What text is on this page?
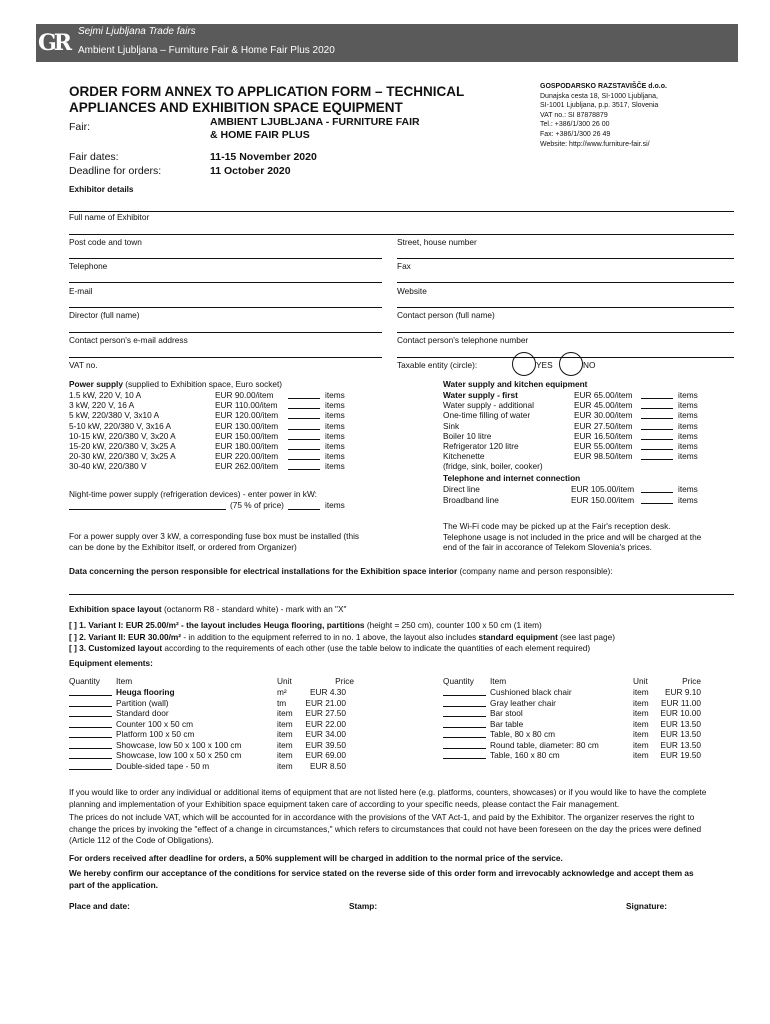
GR Sejmi Ljubljana Trade fairs
Ambient Ljubljana – Furniture Fair & Home Fair Plus 2020
ORDER FORM ANNEX TO APPLICATION FORM – TECHNICAL APPLIANCES AND EXHIBITION SPACE EQUIPMENT
GOSPODARSKO RAZSTAVIŠČE d.o.o.
Dunajska cesta 18, SI-1000 Ljubljana,
SI-1001 Ljubljana, p.p. 3517, Slovenia
VAT no.: SI 87878879
Tel.: +386/1/300 26 00
Fax: +386/1/300 26 49
Website: http://www.furniture-fair.si/
Fair:	AMBIENT LJUBLJANA - FURNITURE FAIR
& HOME FAIR PLUS
Fair dates:	11-15 November 2020
Deadline for orders:	11 October 2020
Exhibitor details
Full name of Exhibitor
Post code and town	Street, house number
Telephone	Fax
E-mail	Website
Director (full name)	Contact person (full name)
Contact person's e-mail address	Contact person's telephone number
VAT no.	Taxable entity (circle):	YES	NO
Power supply (supplied to Exhibition space, Euro socket)
1.5 kW, 220 V, 10 A	EUR 90.00/item	items
3 kW, 220 V, 16 A	EUR 110.00/item	items
5 kW, 220/380 V, 3x10 A	EUR 120.00/item	items
5-10 kW, 220/380 V, 3x16 A	EUR 130.00/item	items
10-15 kW, 220/380 V, 3x20 A	EUR 150.00/item	items
15-20 kW, 220/380 V, 3x25 A	EUR 180.00/item	items
20-30 kW, 220/380 V, 3x25 A	EUR 220.00/item	items
30-40 kW, 220/380 V	EUR 262.00/item	items
Night-time power supply (refrigeration devices) - enter power in kW:
(75 % of price)	items
For a power supply over 3 kW, a corresponding fuse box must be installed (this can be done by the Exhibitor itself, or ordered from Organizer)
Water supply and kitchen equipment
Water supply - first	EUR 65.00/item	items
Water supply - additional	EUR 45.00/item	items
One-time filling of water	EUR 30.00/item	items
Sink	EUR 27.50/item	items
Boiler 10 litre	EUR 16.50/item	items
Refrigerator 120 litre	EUR 55.00/item	items
Kitchenette	EUR 98.50/item	items
(fridge, sink, boiler, cooker)
Telephone and internet connection
Direct line	EUR 105.00/item	items
Broadband line	EUR 150.00/item	items
The Wi-Fi code may be picked up at the Fair's reception desk. Telephone usage is not included in the price and will be charged at the end of the fair in accorance of Telekom Slovenia's prices.
Data concerning the person responsible for electrical installations for the Exhibition space interior (company name and person responsible):
Exhibition space layout (octanorm R8 - standard white) - mark with an "X"
[ ] 1. Variant I: EUR 25.00/m² - the layout includes Heuga flooring, partitions (height = 250 cm), counter 100 x 50 cm (1 item)
[ ] 2. Variant II: EUR 30.00/m² - in addition to the equipment referred to in no. 1 above, the layout also includes standard equipment (see last page)
[ ] 3. Customized layout according to the requirements of each other (use the table below to indicate the quantities of each element required)
Equipment elements:
Quantity Item	Unit	Price
Heuga flooring	m²	EUR 4.30
Partition (wall)	tm EUR 21.00
Standard door	item EUR 27.50
Counter 100 x 50 cm	item EUR 22.00
Platform 100 x 50 cm	item EUR 34.00
Showcase, low 50 x 100 x 100 cm	item EUR 39.50
Showcase, low 100 x 50 x 250 cm	item EUR 69.00
Double-sided tape - 50 m	item EUR 8.50
Quantity Item	Unit	Price
Cushioned black chair	item EUR 9.10
Gray leather chair	item EUR 11.00
Bar stool	item EUR 10.00
Bar table	item EUR 13.50
Table, 80 x 80 cm	item EUR 13.50
Round table, diameter: 80 cm	item EUR 13.50
Table, 160 x 80 cm	item EUR 19.50
If you would like to order any individual or additional items of equipment that are not listed here (e.g. platforms, counters, showcases) or if you would like to have the complete planning and implementation of your Exhibition space equipment taken care of according to your specific needs, please contact the Fair management.
The prices do not include VAT, which will be accounted for in accordance with the provisions of the VAT Act-1, and paid by the Exhibitor. The organizer reserves the right to change the prices by invoking the "effect of a change in circumstances," which refers to circumstances that could not have been foreseen on the day the prices were defined (Article 112 of the Code of Obligations).
For orders received after deadline for orders, a 50% supplement will be charged in addition to the normal price of the service.
We hereby confirm our acceptance of the conditions for service stated on the reverse side of this order form and irrevocably acknowledge and accept them as part of the application.
Place and date:	Stamp:	Signature:
